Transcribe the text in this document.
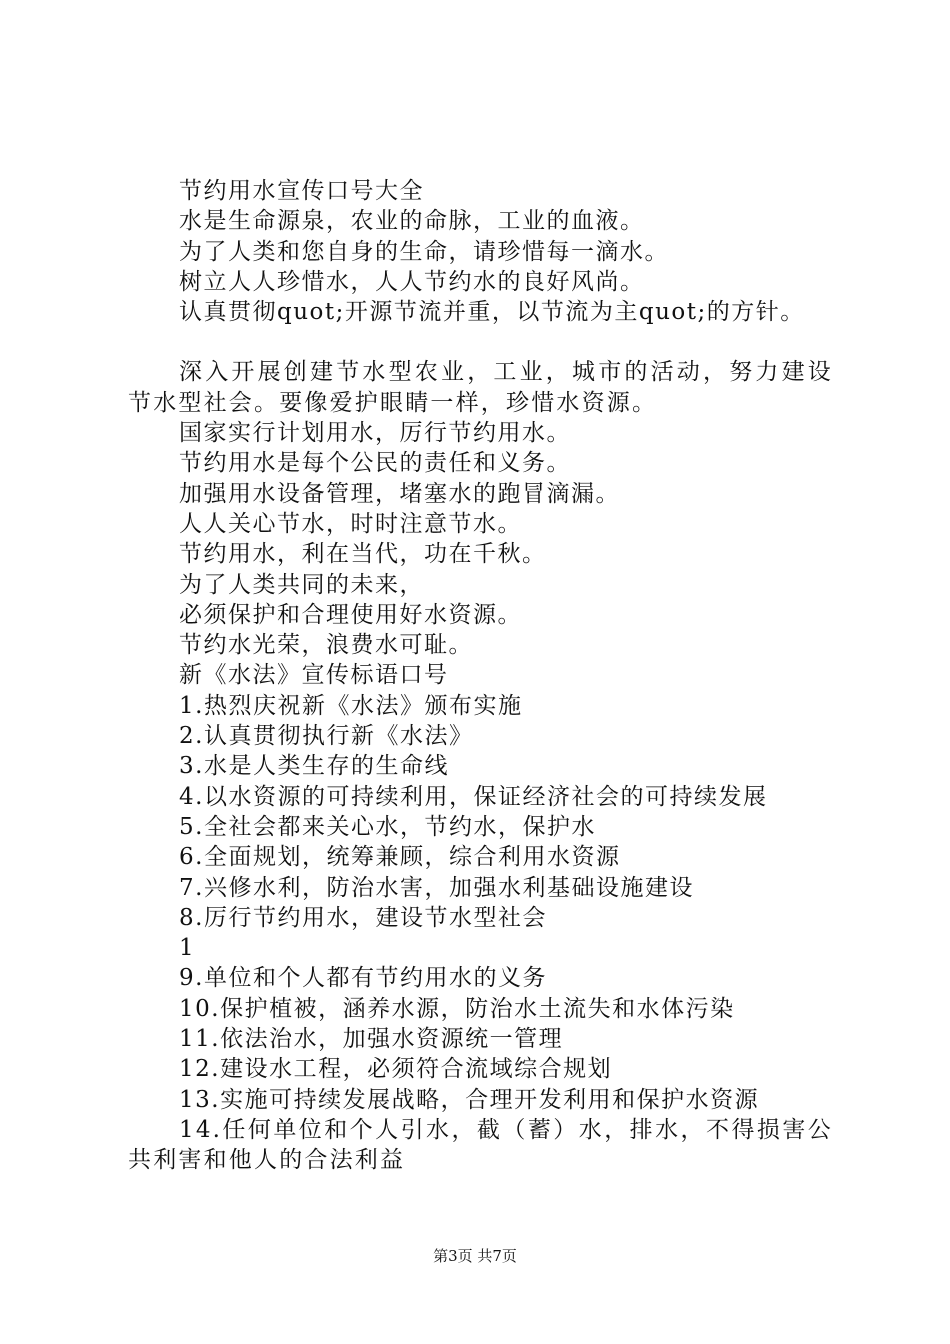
节约用水宣传口号大全
水是生命源泉，农业的命脉，工业的血液。
为了人类和您自身的生命，请珍惜每一滴水。
树立人人珍惜水，人人节约水的良好风尚。
认真贯彻quot;开源节流并重，以节流为主quot;的方针。
深入开展创建节水型农业，工业，城市的活动，努力建设节水型社会。要像爱护眼睛一样，珍惜水资源。
国家实行计划用水，厉行节约用水。
节约用水是每个公民的责任和义务。
加强用水设备管理，堵塞水的跑冒滴漏。
人人关心节水，时时注意节水。
节约用水，利在当代，功在千秋。
为了人类共同的未来，
必须保护和合理使用好水资源。
节约水光荣，浪费水可耻。
新《水法》宣传标语口号
1.热烈庆祝新《水法》颁布实施
2.认真贯彻执行新《水法》
3.水是人类生存的生命线
4.以水资源的可持续利用，保证经济社会的可持续发展
5.全社会都来关心水，节约水，保护水
6.全面规划，统筹兼顾，综合利用水资源
7.兴修水利，防治水害，加强水利基础设施建设
8.厉行节约用水，建设节水型社会
1
9.单位和个人都有节约用水的义务
10.保护植被，涵养水源，防治水土流失和水体污染
11.依法治水，加强水资源统一管理
12.建设水工程，必须符合流域综合规划
13.实施可持续发展战略，合理开发利用和保护水资源
14.任何单位和个人引水，截（蓄）水，排水，不得损害公共利害和他人的合法利益
第3页 共7页
